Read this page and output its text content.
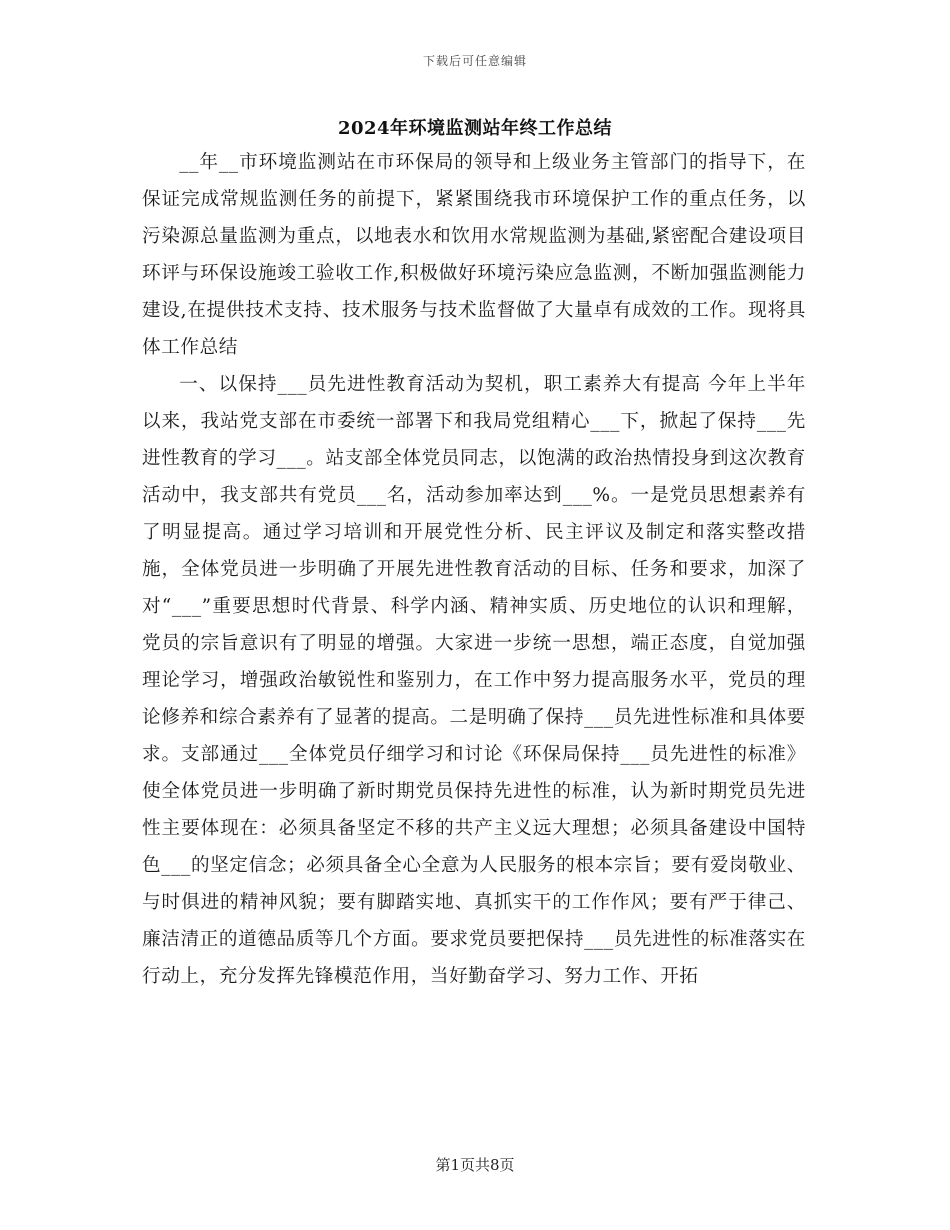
下载后可任意编辑
2024年环境监测站年终工作总结

__年__市环境监测站在市环保局的领导和上级业务主管部门的指导下，在保证完成常规监测任务的前提下，紧紧围绕我市环境保护工作的重点任务，以污染源总量监测为重点，以地表水和饮用水常规监测为基础,紧密配合建设项目环评与环保设施竣工验收工作,积极做好环境污染应急监测，不断加强监测能力建设,在提供技术支持、技术服务与技术监督做了大量卓有成效的工作。现将具体工作总结

一、以保持___员先进性教育活动为契机，职工素养大有提高 今年上半年以来，我站党支部在市委统一部署下和我局党组精心___下，掀起了保持___先进性教育的学习___。站支部全体党员同志，以饱满的政治热情投身到这次教育活动中，我支部共有党员___名，活动参加率达到___%。一是党员思想素养有了明显提高。通过学习培训和开展党性分析、民主评议及制定和落实整改措施，全体党员进一步明确了开展先进性教育活动的目标、任务和要求，加深了对“___”重要思想时代背景、科学内涵、精神实质、历史地位的认识和理解，党员的宗旨意识有了明显的增强。大家进一步统一思想，端正态度，自觉加强理论学习，增强政治敏锐性和鉴别力，在工作中努力提高服务水平，党员的理论修养和综合素养有了显著的提高。二是明确了保持___员先进性标准和具体要求。支部通过___全体党员仔细学习和讨论《环保局保持___员先进性的标准》使全体党员进一步明确了新时期党员保持先进性的标准，认为新时期党员先进性主要体现在：必须具备坚定不移的共产主义远大理想；必须具备建设中国特色___的坚定信念；必须具备全心全意为人民服务的根本宗旨；要有爱岗敬业、与时俱进的精神风貌；要有脚踏实地、真抓实干的工作作风；要有严于律己、廉洁清正的道德品质等几个方面。要求党员要把保持___员先进性的标准落实在行动上，充分发挥先锋模范作用，当好勤奋学习、努力工作、开拓

第1页共8页
